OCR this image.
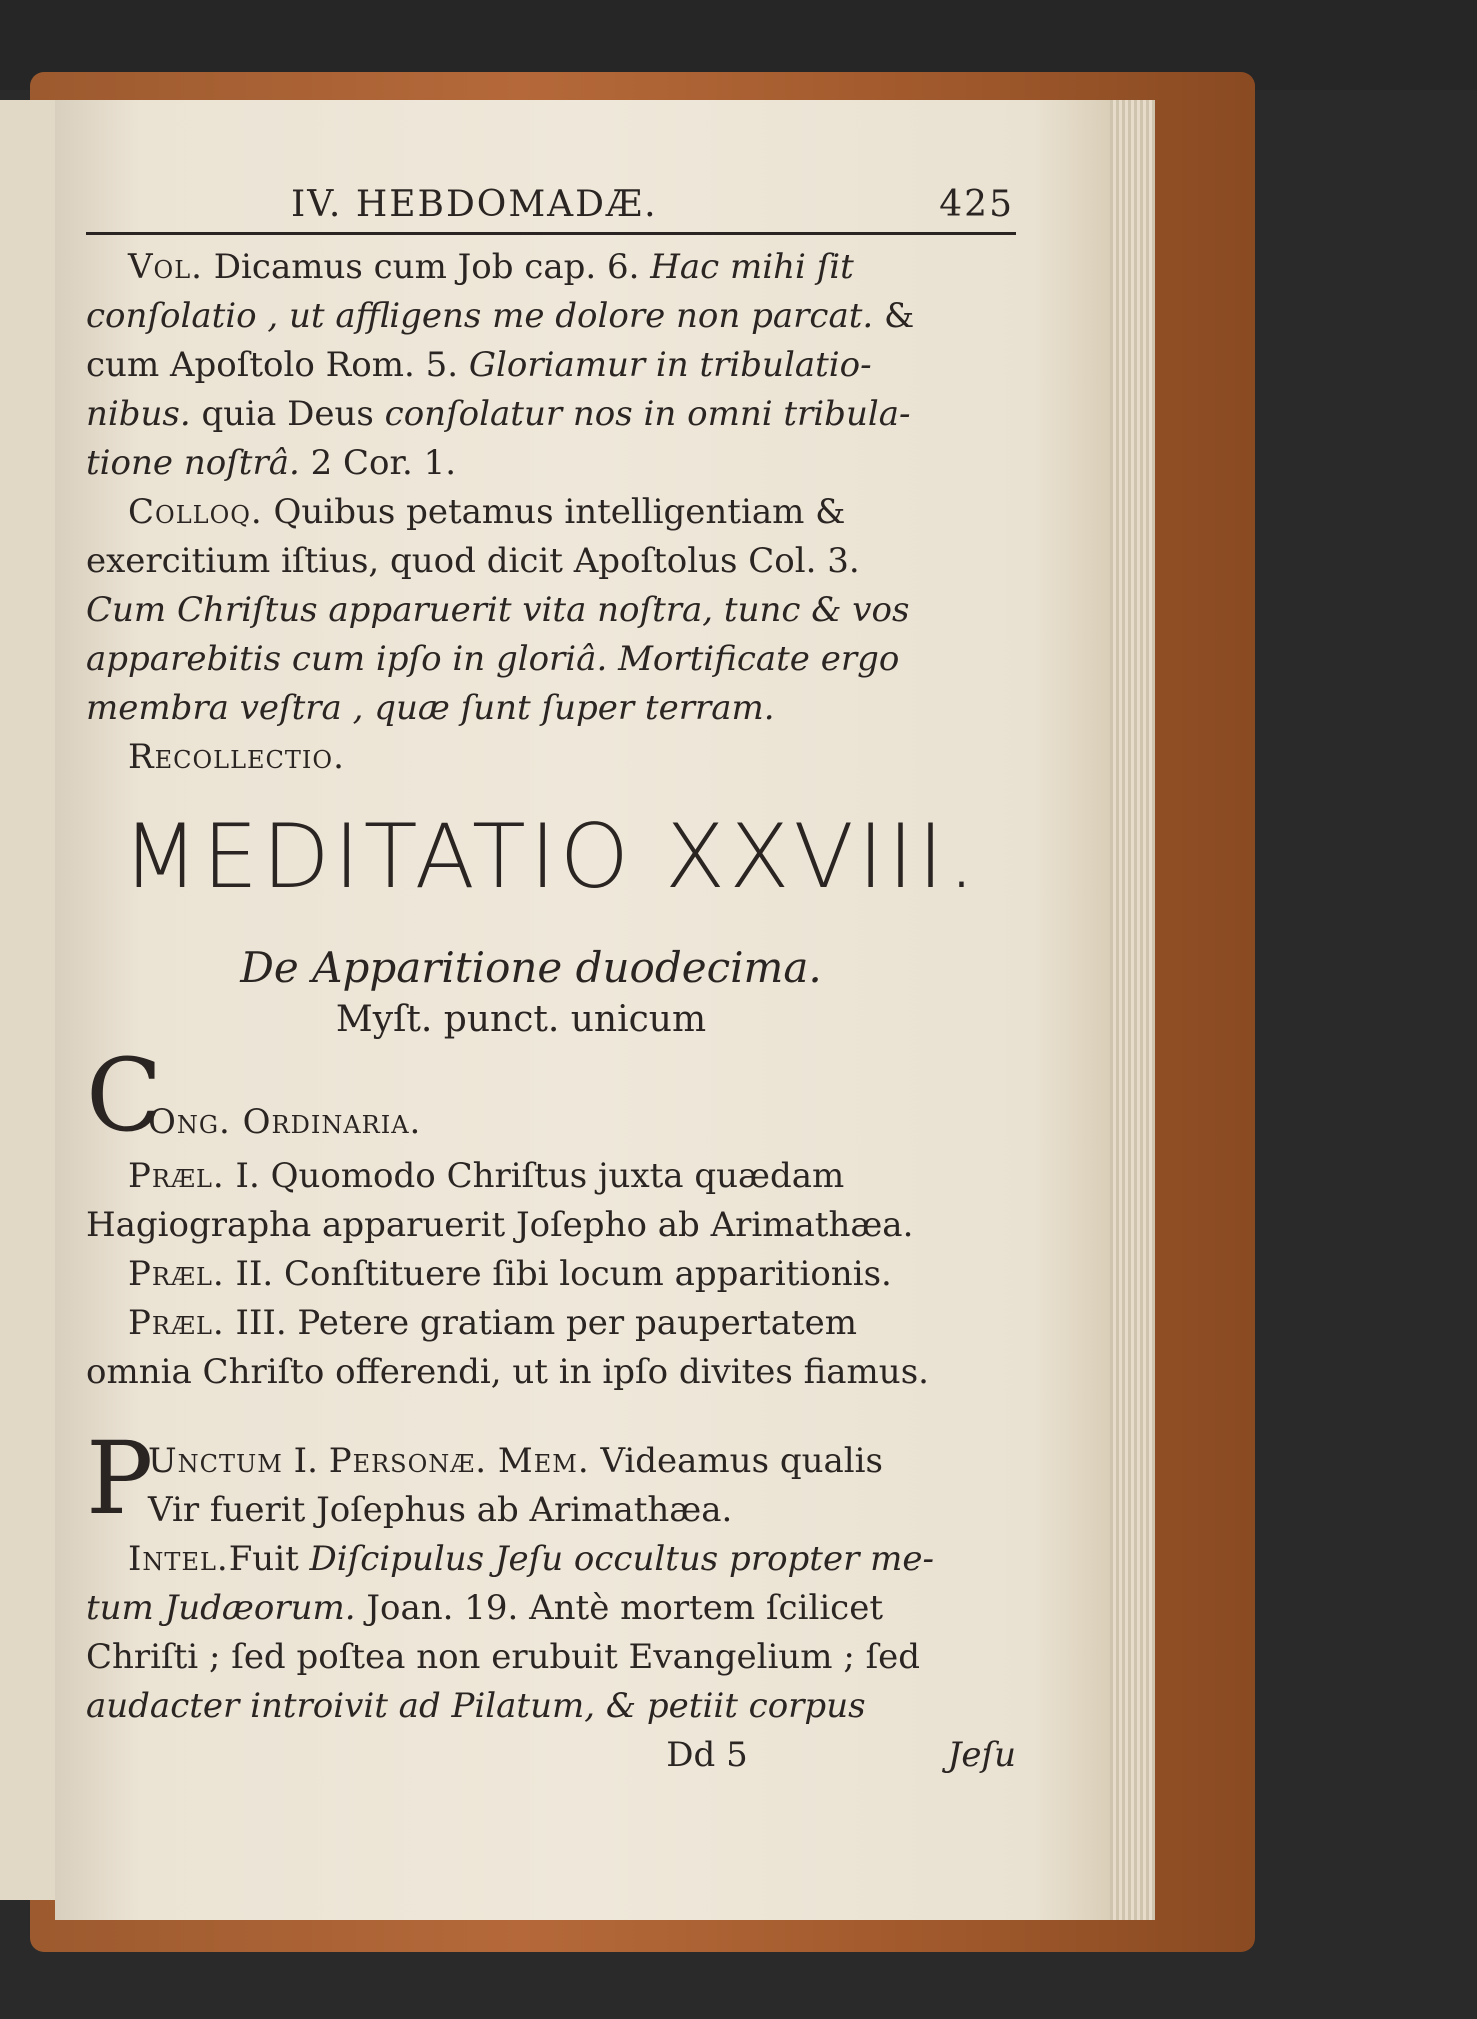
IV. HEBDOMADÆ.	425

Vol. Dicamus cum Job cap. 6. Hac mihi ſit

conſolatio , ut affligens me dolore non parcat. &

cum Apoſtolo Rom. 5. Gloriamur in tribulatio-

nibus. quia Deus conſolatur nos in omni tribula-

tione noſtrâ. 2 Cor. 1.

Colloq. Quibus petamus intelligentiam &

exercitium iſtius, quod dicit Apoſtolus Col. 3.

Cum Chriſtus apparuerit vita noſtra, tunc & vos

apparebitis cum ipſo in gloriâ. Mortificate ergo

membra veſtra , quæ ſunt ſuper terram.

Recollectio.

MEDITATIO XXVIII.
De Apparitione duodecima.
Myſt. punct. unicum
C

Ong. Ordinaria.

Præl. I. Quomodo Chriſtus juxta quædam

Hagiographa apparuerit Joſepho ab Arimathæa.

Præl. II. Conſtituere ſibi locum apparitionis.

Præl. III. Petere gratiam per paupertatem

omnia Chriſto offerendi, ut in ipſo divites fiamus.

P

Unctum I. Personæ. Mem. Videamus qualis

Vir fuerit Joſephus ab Arimathæa.

Intel.Fuit Diſcipulus Jeſu occultus propter me-

tum Judæorum. Joan. 19. Antè mortem ſcilicet

Chriſti ; ſed poſtea non erubuit Evangelium ; ſed

audacter introivit ad Pilatum, & petiit corpus

Dd 5	Jeſu
